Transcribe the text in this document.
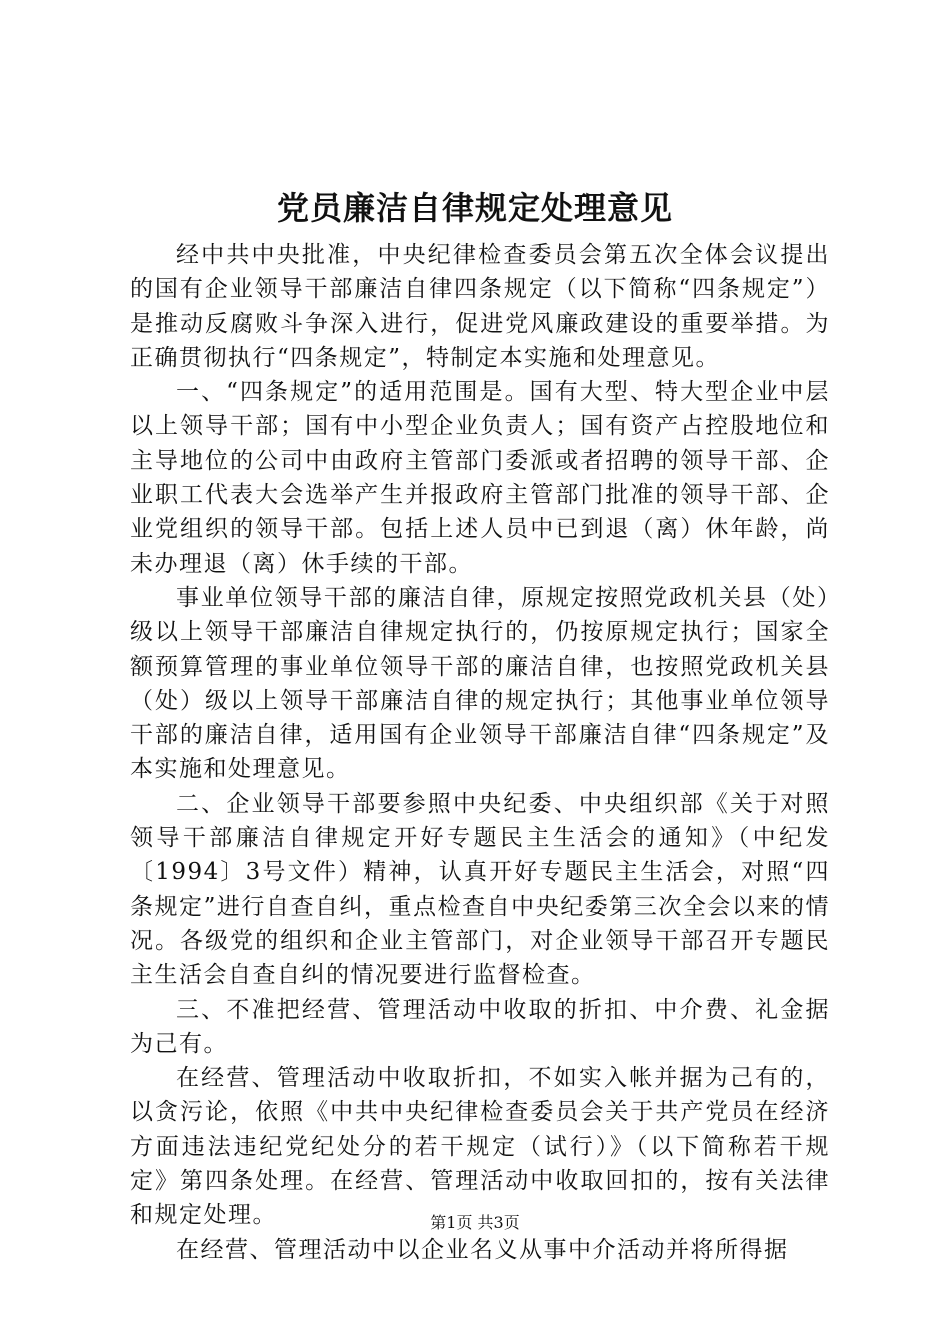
党员廉洁自律规定处理意见

经中共中央批准，中央纪律检查委员会第五次全体会议提出的国有企业领导干部廉洁自律四条规定（以下简称“四条规定”）是推动反腐败斗争深入进行，促进党风廉政建设的重要举措。为正确贯彻执行“四条规定”，特制定本实施和处理意见。

一、“四条规定”的适用范围是。国有大型、特大型企业中层以上领导干部；国有中小型企业负责人；国有资产占控股地位和主导地位的公司中由政府主管部门委派或者招聘的领导干部、企业职工代表大会选举产生并报政府主管部门批准的领导干部、企业党组织的领导干部。包括上述人员中已到退（离）休年龄，尚未办理退（离）休手续的干部。

事业单位领导干部的廉洁自律，原规定按照党政机关县（处）级以上领导干部廉洁自律规定执行的，仍按原规定执行；国家全额预算管理的事业单位领导干部的廉洁自律，也按照党政机关县（处）级以上领导干部廉洁自律的规定执行；其他事业单位领导干部的廉洁自律，适用国有企业领导干部廉洁自律“四条规定”及本实施和处理意见。

二、企业领导干部要参照中央纪委、中央组织部《关于对照领导干部廉洁自律规定开好专题民主生活会的通知》（中纪发〔1994〕3号文件）精神，认真开好专题民主生活会，对照“四条规定”进行自查自纠，重点检查自中央纪委第三次全会以来的情况。各级党的组织和企业主管部门，对企业领导干部召开专题民主生活会自查自纠的情况要进行监督检查。

三、不准把经营、管理活动中收取的折扣、中介费、礼金据为己有。

在经营、管理活动中收取折扣，不如实入帐并据为己有的，以贪污论，依照《中共中央纪律检查委员会关于共产党员在经济方面违法违纪党纪处分的若干规定（试行）》（以下简称若干规定》第四条处理。在经营、管理活动中收取回扣的，按有关法律和规定处理。

在经营、管理活动中以企业名义从事中介活动并将所得据

第1页 共3页
